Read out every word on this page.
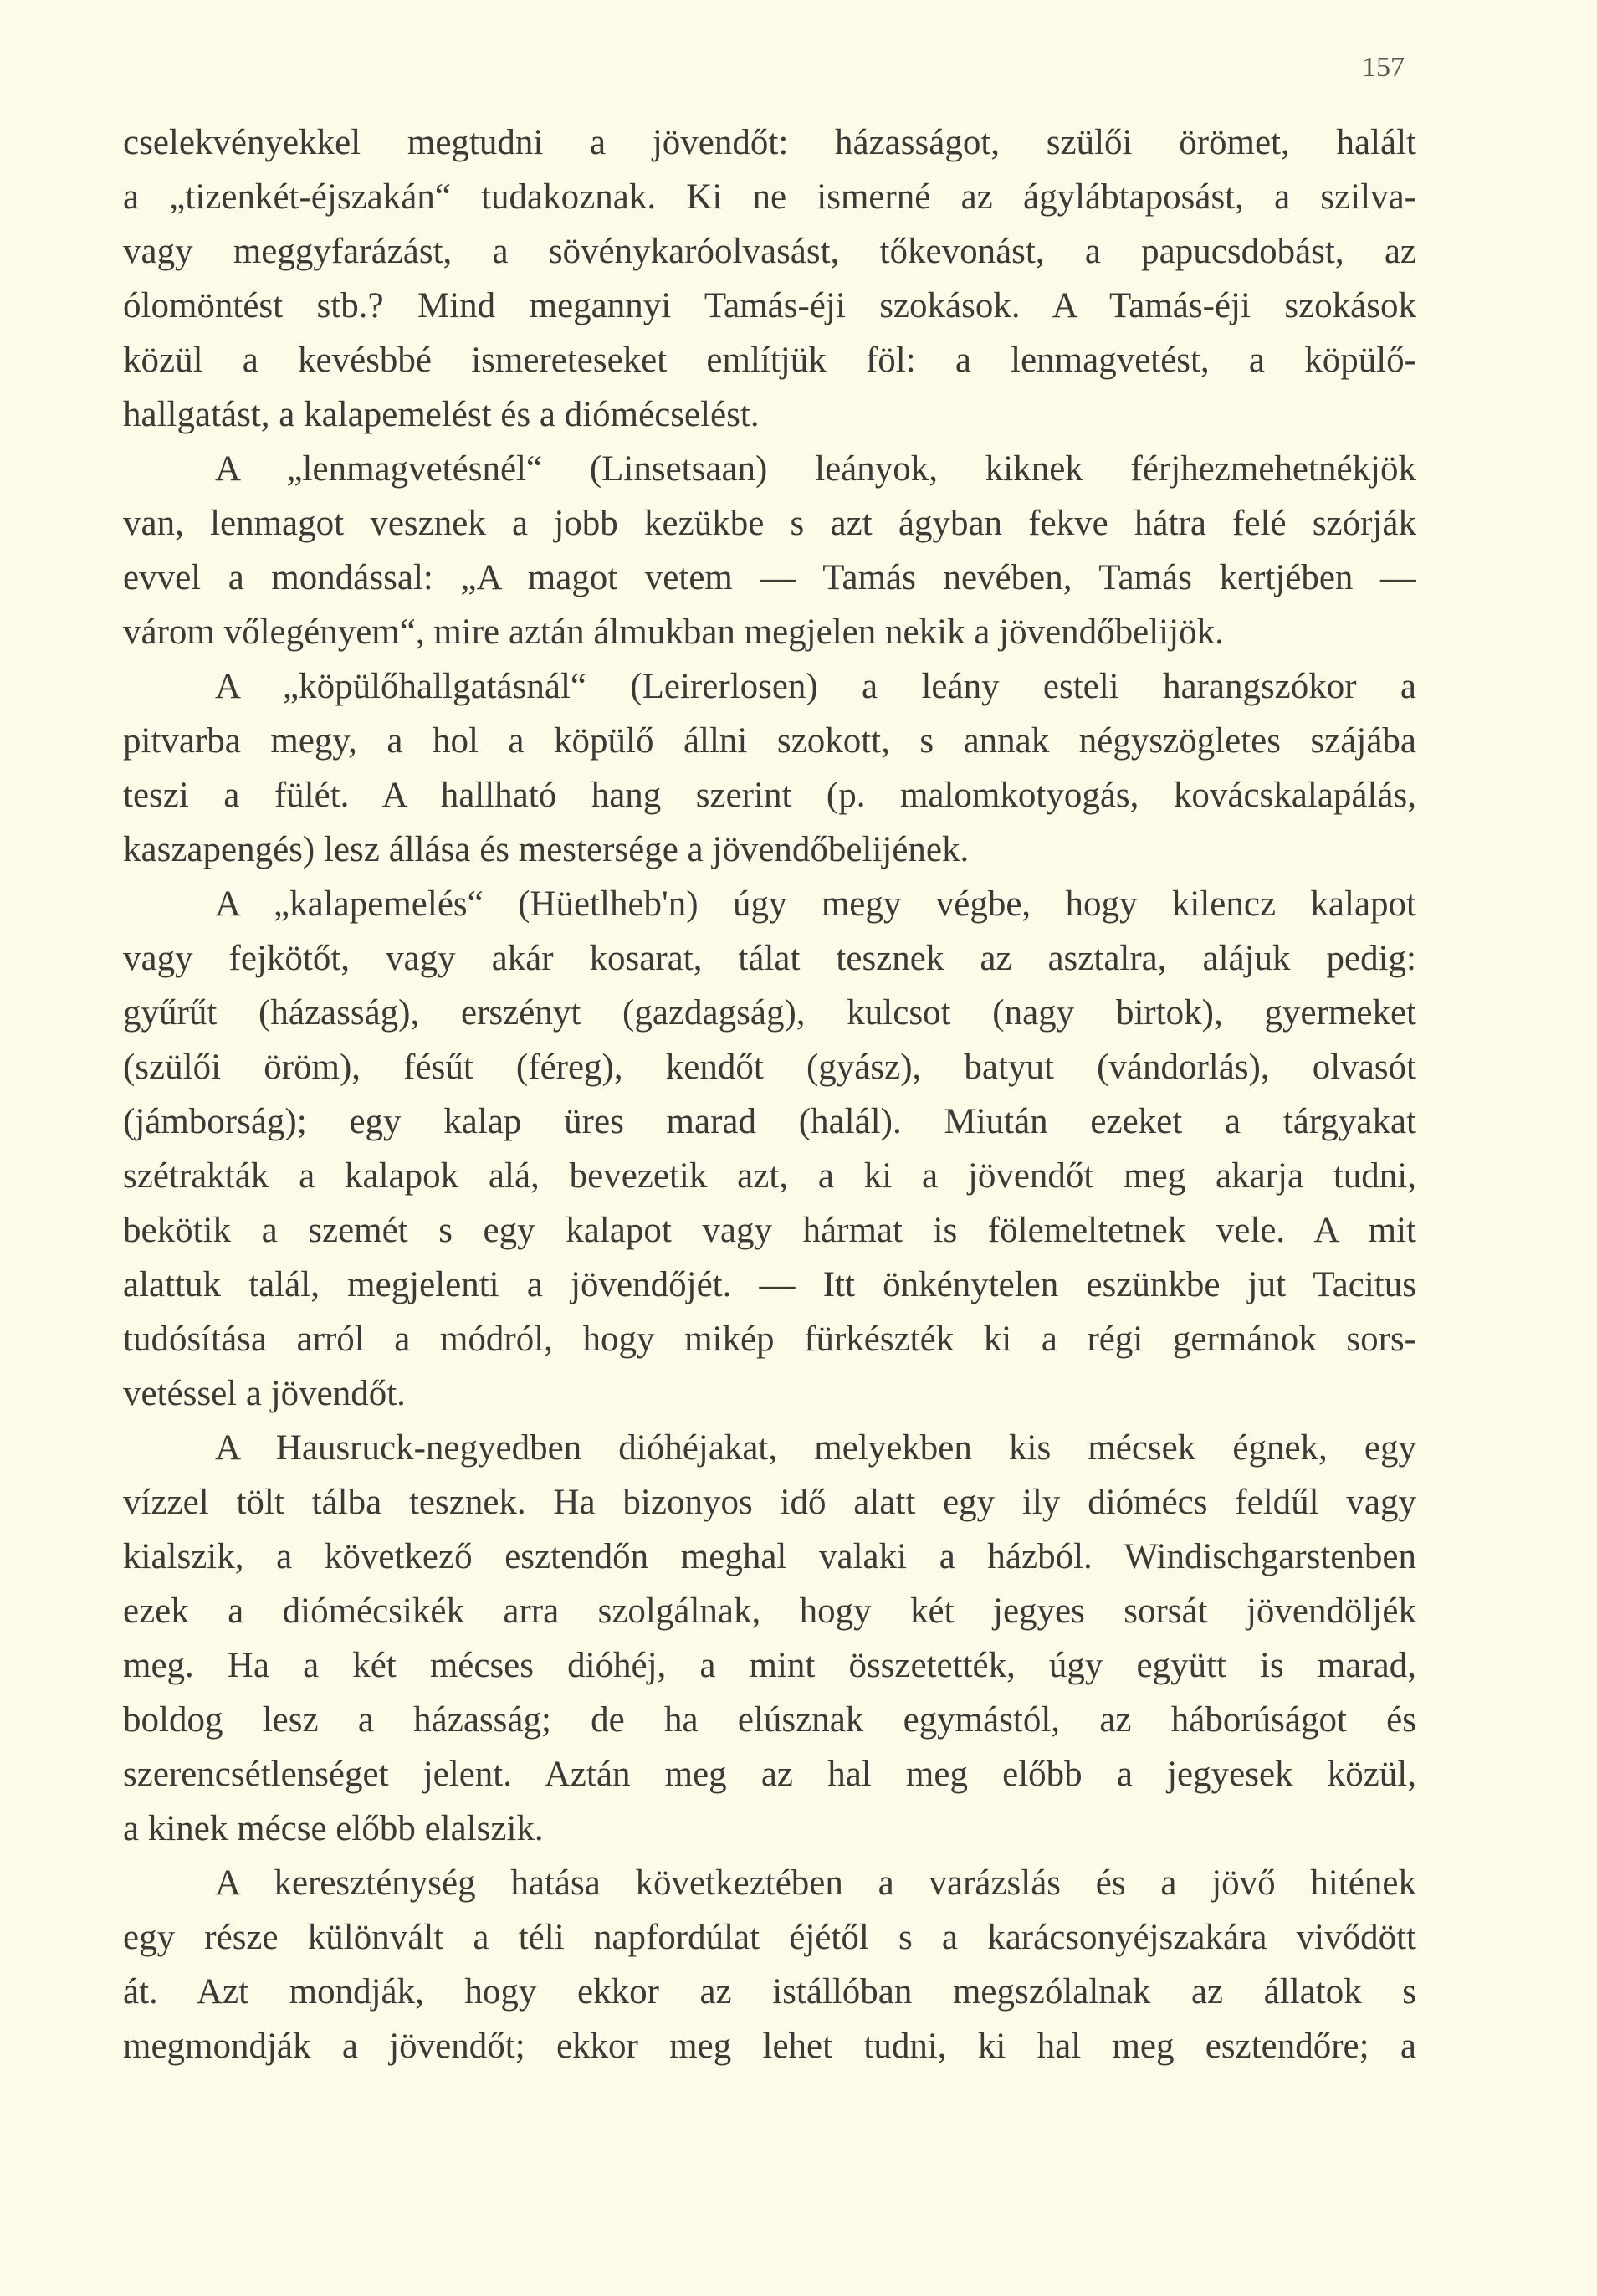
157
cselekvényekkel megtudni a jövendőt: házasságot, szülői örömet, halált
a „tizenkét-éjszakán“ tudakoznak. Ki ne ismerné az ágylábtaposást, a szilva-
vagy meggyfarázást, a sövénykaróolvasást, tőkevonást, a papucsdobást, az
ólomöntést stb.? Mind megannyi Tamás-éji szokások. A Tamás-éji szokások
közül a kevésbbé ismereteseket említjük föl: a lenmagvetést, a köpülő-
hallgatást, a kalapemelést és a diómécselést.
A „lenmagvetésnél“ (Linsetsaan) leányok, kiknek férjhezmehetnékjök
van, lenmagot vesznek a jobb kezükbe s azt ágyban fekve hátra felé szórják
evvel a mondással: „A magot vetem — Tamás nevében, Tamás kertjében —
várom vőlegényem“, mire aztán álmukban megjelen nekik a jövendőbelijök.
A „köpülőhallgatásnál“ (Leirerlosen) a leány esteli harangszókor a
pitvarba megy, a hol a köpülő állni szokott, s annak négyszögletes szájába
teszi a fülét. A hallható hang szerint (p. malomkotyogás, kovácskalapálás,
kaszapengés) lesz állása és mestersége a jövendőbelijének.
A „kalapemelés“ (Hüetlheb'n) úgy megy végbe, hogy kilencz kalapot
vagy fejkötőt, vagy akár kosarat, tálat tesznek az asztalra, alájuk pedig:
gyűrűt (házasság), erszényt (gazdagság), kulcsot (nagy birtok), gyermeket
(szülői öröm), fésűt (féreg), kendőt (gyász), batyut (vándorlás), olvasót
(jámborság); egy kalap üres marad (halál). Miután ezeket a tárgyakat
szétrakták a kalapok alá, bevezetik azt, a ki a jövendőt meg akarja tudni,
bekötik a szemét s egy kalapot vagy hármat is fölemeltetnek vele. A mit
alattuk talál, megjelenti a jövendőjét. — Itt önkénytelen eszünkbe jut Tacitus
tudósítása arról a módról, hogy mikép fürkészték ki a régi germánok sors-
vetéssel a jövendőt.
A Hausruck-negyedben dióhéjakat, melyekben kis mécsek égnek, egy
vízzel tölt tálba tesznek. Ha bizonyos idő alatt egy ily diómécs feldűl vagy
kialszik, a következő esztendőn meghal valaki a házból. Windischgarstenben
ezek a diómécsikék arra szolgálnak, hogy két jegyes sorsát jövendöljék
meg. Ha a két mécses dióhéj, a mint összetették, úgy együtt is marad,
boldog lesz a házasság; de ha elúsznak egymástól, az háborúságot és
szerencsétlenséget jelent. Aztán meg az hal meg előbb a jegyesek közül,
a kinek mécse előbb elalszik.
A kereszténység hatása következtében a varázslás és a jövő hitének
egy része különvált a téli napfordúlat éjétől s a karácsonyéjszakára vivődött
át. Azt mondják, hogy ekkor az istállóban megszólalnak az állatok s
megmondják a jövendőt; ekkor meg lehet tudni, ki hal meg esztendőre; a
